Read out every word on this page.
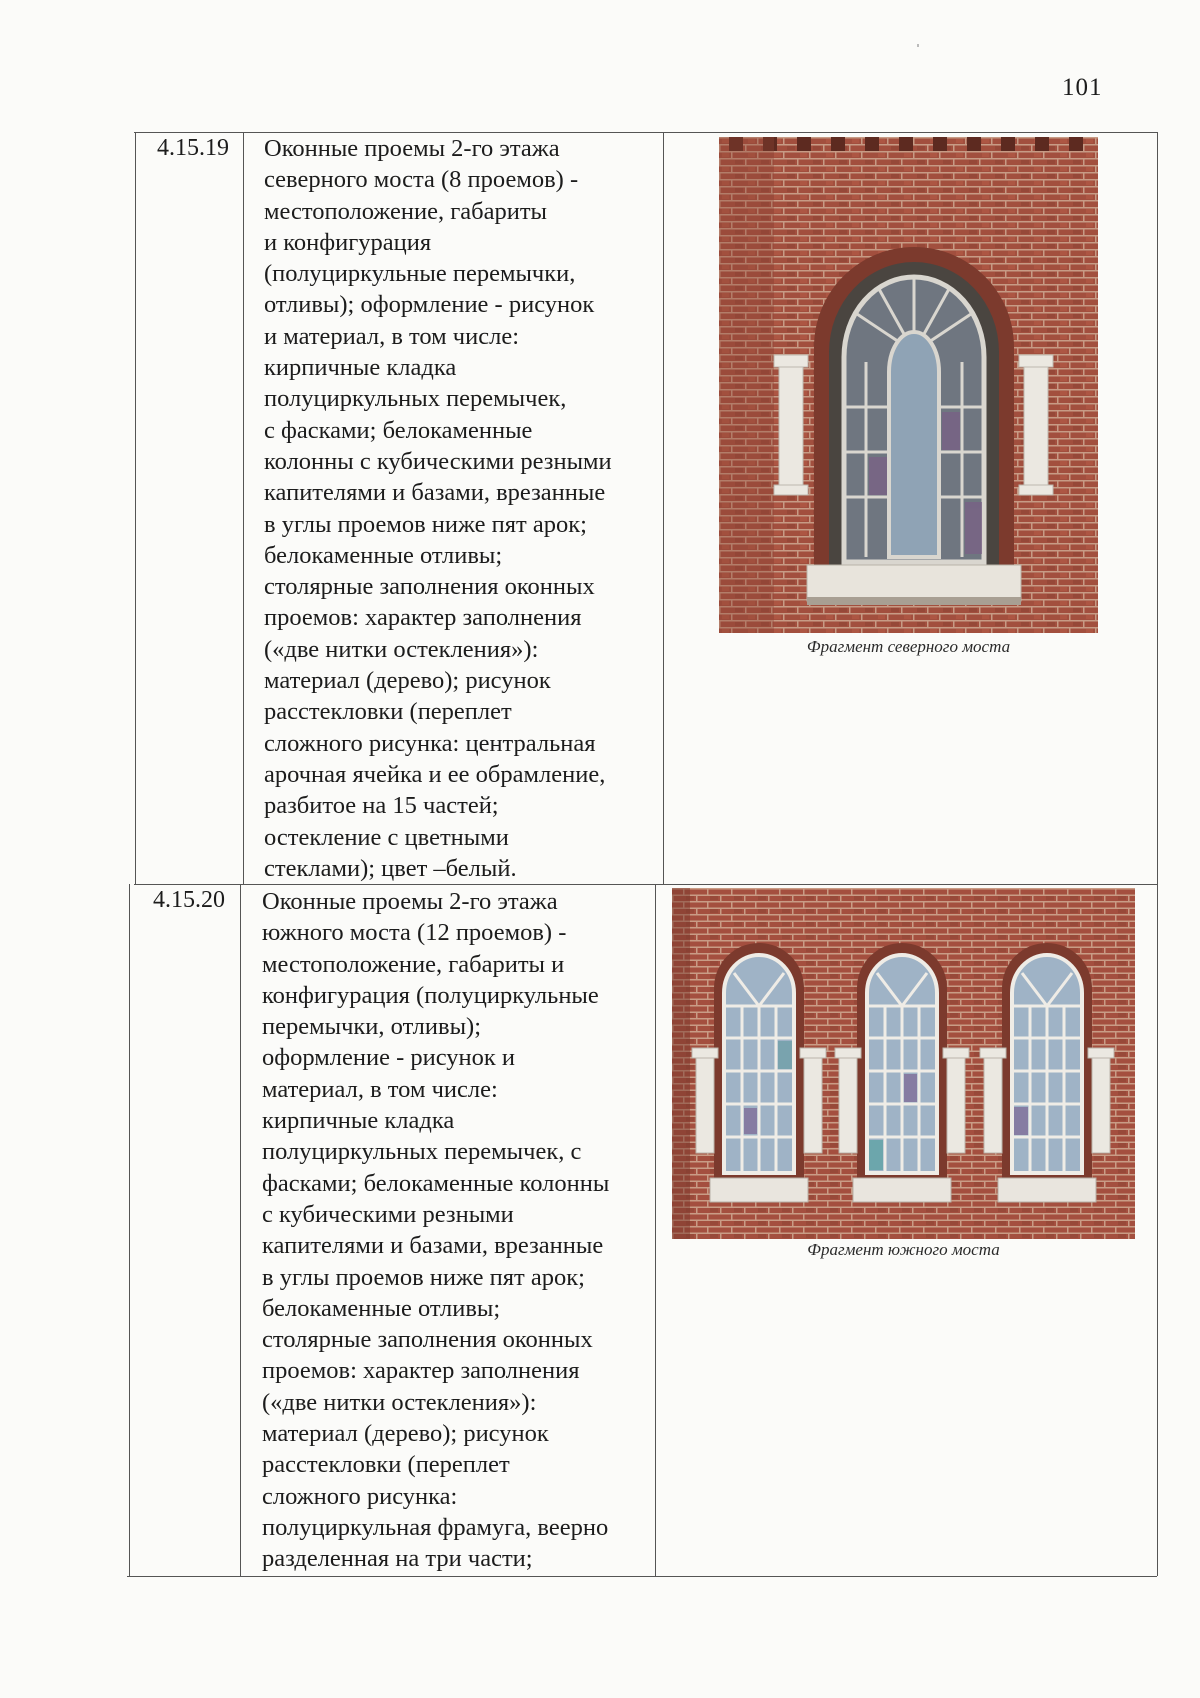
101
4.15.19	Оконные проемы 2-го этажа
северного моста (8 проемов) -
местоположение, габариты
и конфигурация
(полуциркульные перемычки,
отливы); оформление - рисунок
и материал, в том числе:
кирпичные кладка
полуциркульных перемычек,
с фасками; белокаменные
колонны с кубическими резными
капителями и базами, врезанные
в углы проемов ниже пят арок;
белокаменные отливы;
столярные заполнения оконных
проемов: характер заполнения
(«две нитки остекления»):
материал (дерево); рисунок
расстекловки (переплет
сложного рисунка: центральная
арочная ячейка и ее обрамление,
разбитое на 15 частей;
остекление с цветными
стеклами); цвет –белый.
Фрагмент северного моста
4.15.20	Оконные проемы 2-го этажа
южного моста (12 проемов) -
местоположение, габариты и
конфигурация (полуциркульные
перемычки, отливы);
оформление - рисунок и
материал, в том числе:
кирпичные кладка
полуциркульных перемычек, с
фасками; белокаменные колонны
с кубическими резными
капителями и базами, врезанные
в углы проемов ниже пят арок;
белокаменные отливы;
столярные заполнения оконных
проемов: характер заполнения
(«две нитки остекления»):
материал (дерево); рисунок
расстекловки (переплет
сложного рисунка:
полуциркульная фрамуга, веерно
разделенная на три части;
Фрагмент южного моста
